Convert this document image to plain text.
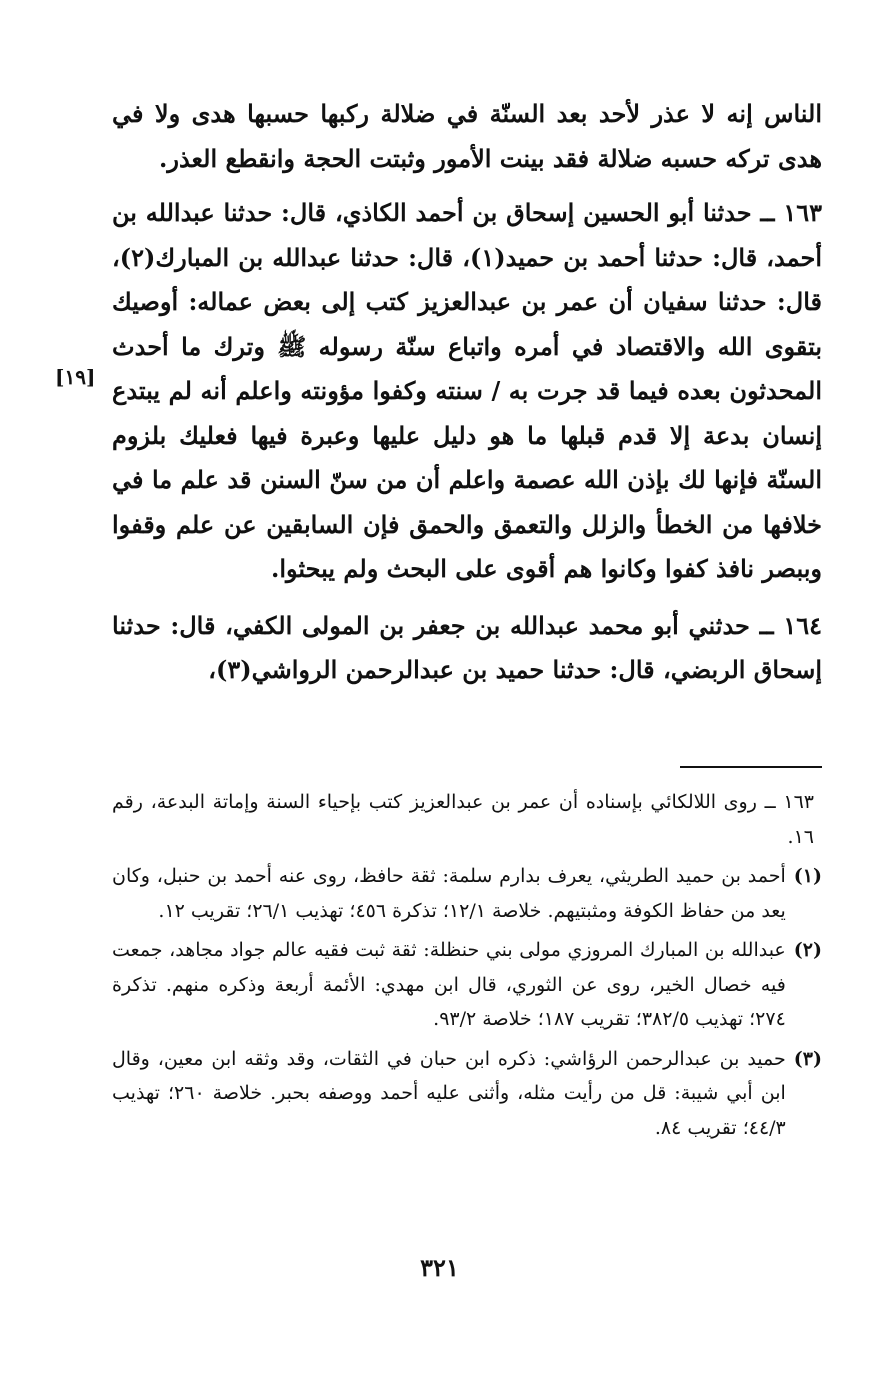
الناس إنه لا عذر لأحد بعد السنّة في ضلالة ركبها حسبها هدى ولا في هدى تركه حسبه ضلالة فقد بينت الأمور وثبتت الحجة وانقطع العذر.

١٦٣ ــ حدثنا أبو الحسين إسحاق بن أحمد الكاذي، قال: حدثنا عبدالله بن أحمد، قال: حدثنا أحمد بن حميد(١)، قال: حدثنا عبدالله بن المبارك(٢)، قال: حدثنا سفيان أن عمر بن عبدالعزيز كتب إلى بعض عماله: أوصيك بتقوى الله والاقتصاد في أمره واتباع سنّة رسوله ﷺ وترك ما أحدث المحدثون بعده فيما قد جرت به / سنته وكفوا مؤونته واعلم أنه لم يبتدع إنسان بدعة إلا قدم قبلها ما هو دليل عليها وعبرة فيها فعليك بلزوم السنّة فإنها لك بإذن الله عصمة واعلم أن من سنّ السنن قد علم ما في خلافها من الخطأ والزلل والتعمق والحمق فإن السابقين عن علم وقفوا وببصر نافذ كفوا وكانوا هم أقوى على البحث ولم يبحثوا.

١٦٤ ــ حدثني أبو محمد عبدالله بن جعفر بن المولى الكفي، قال: حدثنا إسحاق الربضي، قال: حدثنا حميد بن عبدالرحمن الرواشي(٣)،

[١٩]
١٦٣ ــ روى اللالكائي بإسناده أن عمر بن عبدالعزيز كتب بإحياء السنة وإماتة البدعة، رقم ١٦.
(١)
أحمد بن حميد الطريثي، يعرف بدارم سلمة: ثقة حافظ، روى عنه أحمد بن حنبل، وكان يعد من حفاظ الكوفة ومثبتيهم. خلاصة ١٢/١؛ تذكرة ٤٥٦؛ تهذيب ٢٦/١؛ تقريب ١٢.
(٢)
عبدالله بن المبارك المروزي مولى بني حنظلة: ثقة ثبت فقيه عالم جواد مجاهد، جمعت فيه خصال الخير، روى عن الثوري، قال ابن مهدي: الأئمة أربعة وذكره منهم. تذكرة ٢٧٤؛ تهذيب ٣٨٢/٥؛ تقريب ١٨٧؛ خلاصة ٩٣/٢.
(٣)
حميد بن عبدالرحمن الرؤاشي: ذكره ابن حبان في الثقات، وقد وثقه ابن معين، وقال ابن أبي شيبة: قل من رأيت مثله، وأثنى عليه أحمد ووصفه بحبر. خلاصة ٢٦٠؛ تهذيب ٤٤/٣؛ تقريب ٨٤.
٣٢١
